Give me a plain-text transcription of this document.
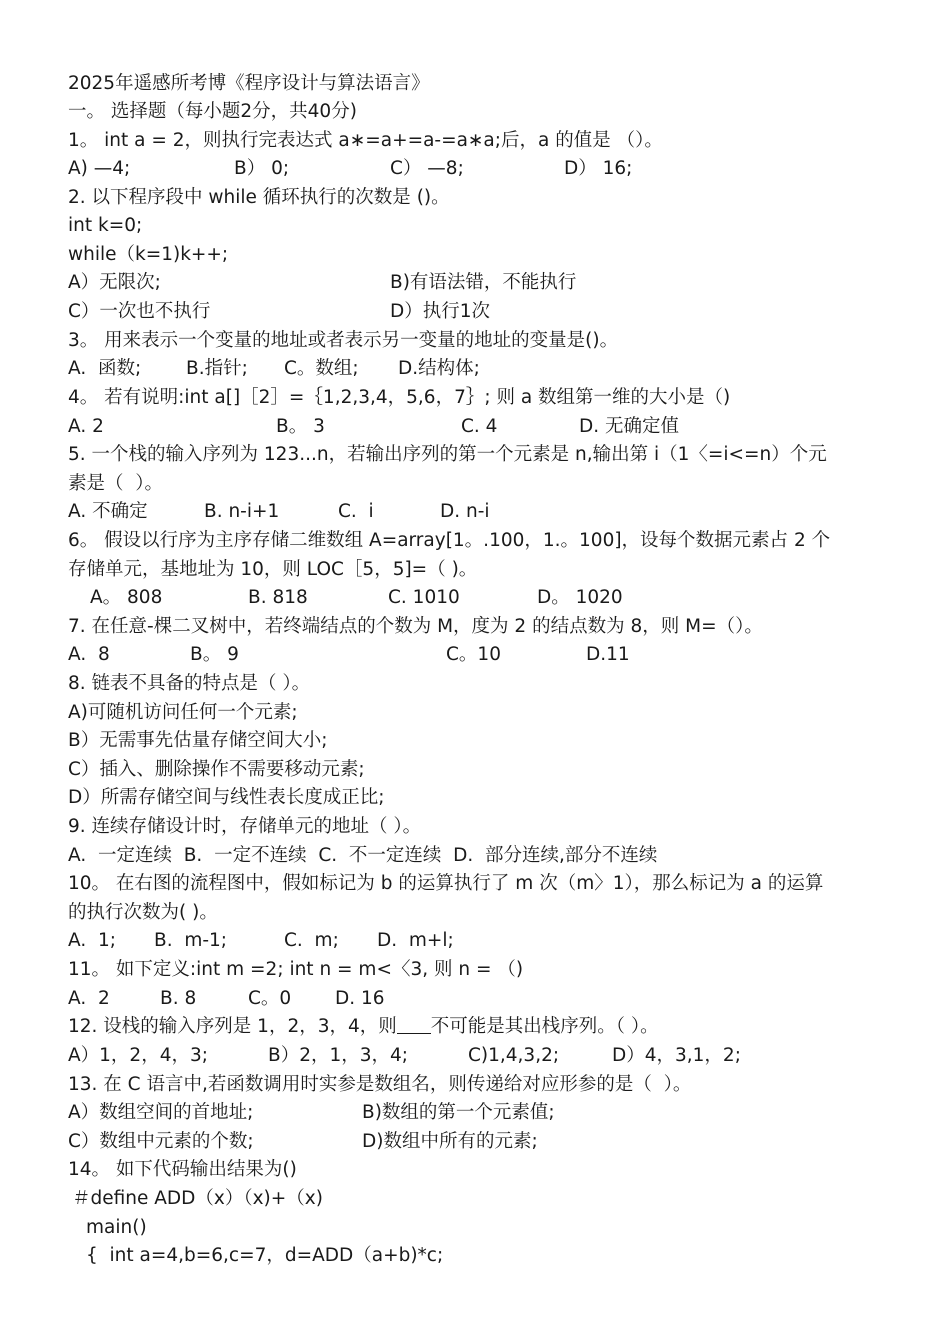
2025年遥感所考博《程序设计与算法语言》
一。 选择题（每小题2分，共40分)
1。 int a = 2，则执行完表达式 a∗=a+=a-=a∗a;后，a 的值是 （）。

A) —4;

	B） 0;

	C） —8;

	D） 16;

2. 以下程序段中 while 循环执行的次数是 ()。
int k=0;
while（k=1)k++;

A）无限次;

	B)有语法错，不能执行

C）一次也不执行

	D）执行1次

3。 用来表示一个变量的地址或者表示另一变量的地址的变量是()。

A.  函数;

B.指针;

C。数组;

D.结构体;

4。 若有说明:int a[]［2］=｛1,2,3,4，5,6，7｝; 则 a 数组第一维的大小是（)

A. 2

	B。 3

	C. 4

	D. 无确定值

5. 一个栈的输入序列为 123...n，若输出序列的第一个元素是 n,输出第 i（1〈=i<=n）个元
素是（  ）。

A. 不确定

	B. n-i+1

	C.  i

	D. n-i

6。 假设以行序为主序存储二维数组 A=array[1。.100，1.。100]，设每个数据元素占 2 个
存储单元，基地址为 10，则 LOC［5，5]=（ )。

A。 808

	B. 818

	C. 1010

	D。 1020

7. 在任意-棵二叉树中，若终端结点的个数为 M，度为 2 的结点数为 8，则 M=（）。

A.  8

	B。 9

	C。10

	D.11

8. 链表不具备的特点是（ ）。
A)可随机访问任何一个元素;
B）无需事先估量存储空间大小;
C）插入、删除操作不需要移动元素;
D）所需存储空间与线性表长度成正比;
9. 连续存储设计时，存储单元的地址（ ）。
A.  一定连续  B.  一定不连续  C.  不一定连续  D.  部分连续,部分不连续
10。 在右图的流程图中，假如标记为 b 的运算执行了 m 次（m〉1），那么标记为 a 的运算
的执行次数为( )。

A.  1;

B.  m-1;

	C.  m;

D.  m+l;

11。 如下定义:int m =2; int n = m<〈3, 则 n = （)

A.  2

	B. 8

	C。0

D. 16

12. 设栈的输入序列是 1，2，3，4，则 不可能是其出栈序列。（ ）。

A）1，2，4，3;

	B）2，1，3，4;

	C)1,4,3,2;

	D）4，3,1，2;

13. 在 C 语言中,若函数调用时实参是数组名，则传递给对应形参的是（  ）。

A）数组空间的首地址;

	B)数组的第一个元素值;

C）数组中元素的个数;

	D)数组中所有的元素;

14。 如下代码输出结果为()
＃define ADD（x）（x)+（x)
main()
{  int a=4,b=6,c=7，d=ADD（a+b)*c;
